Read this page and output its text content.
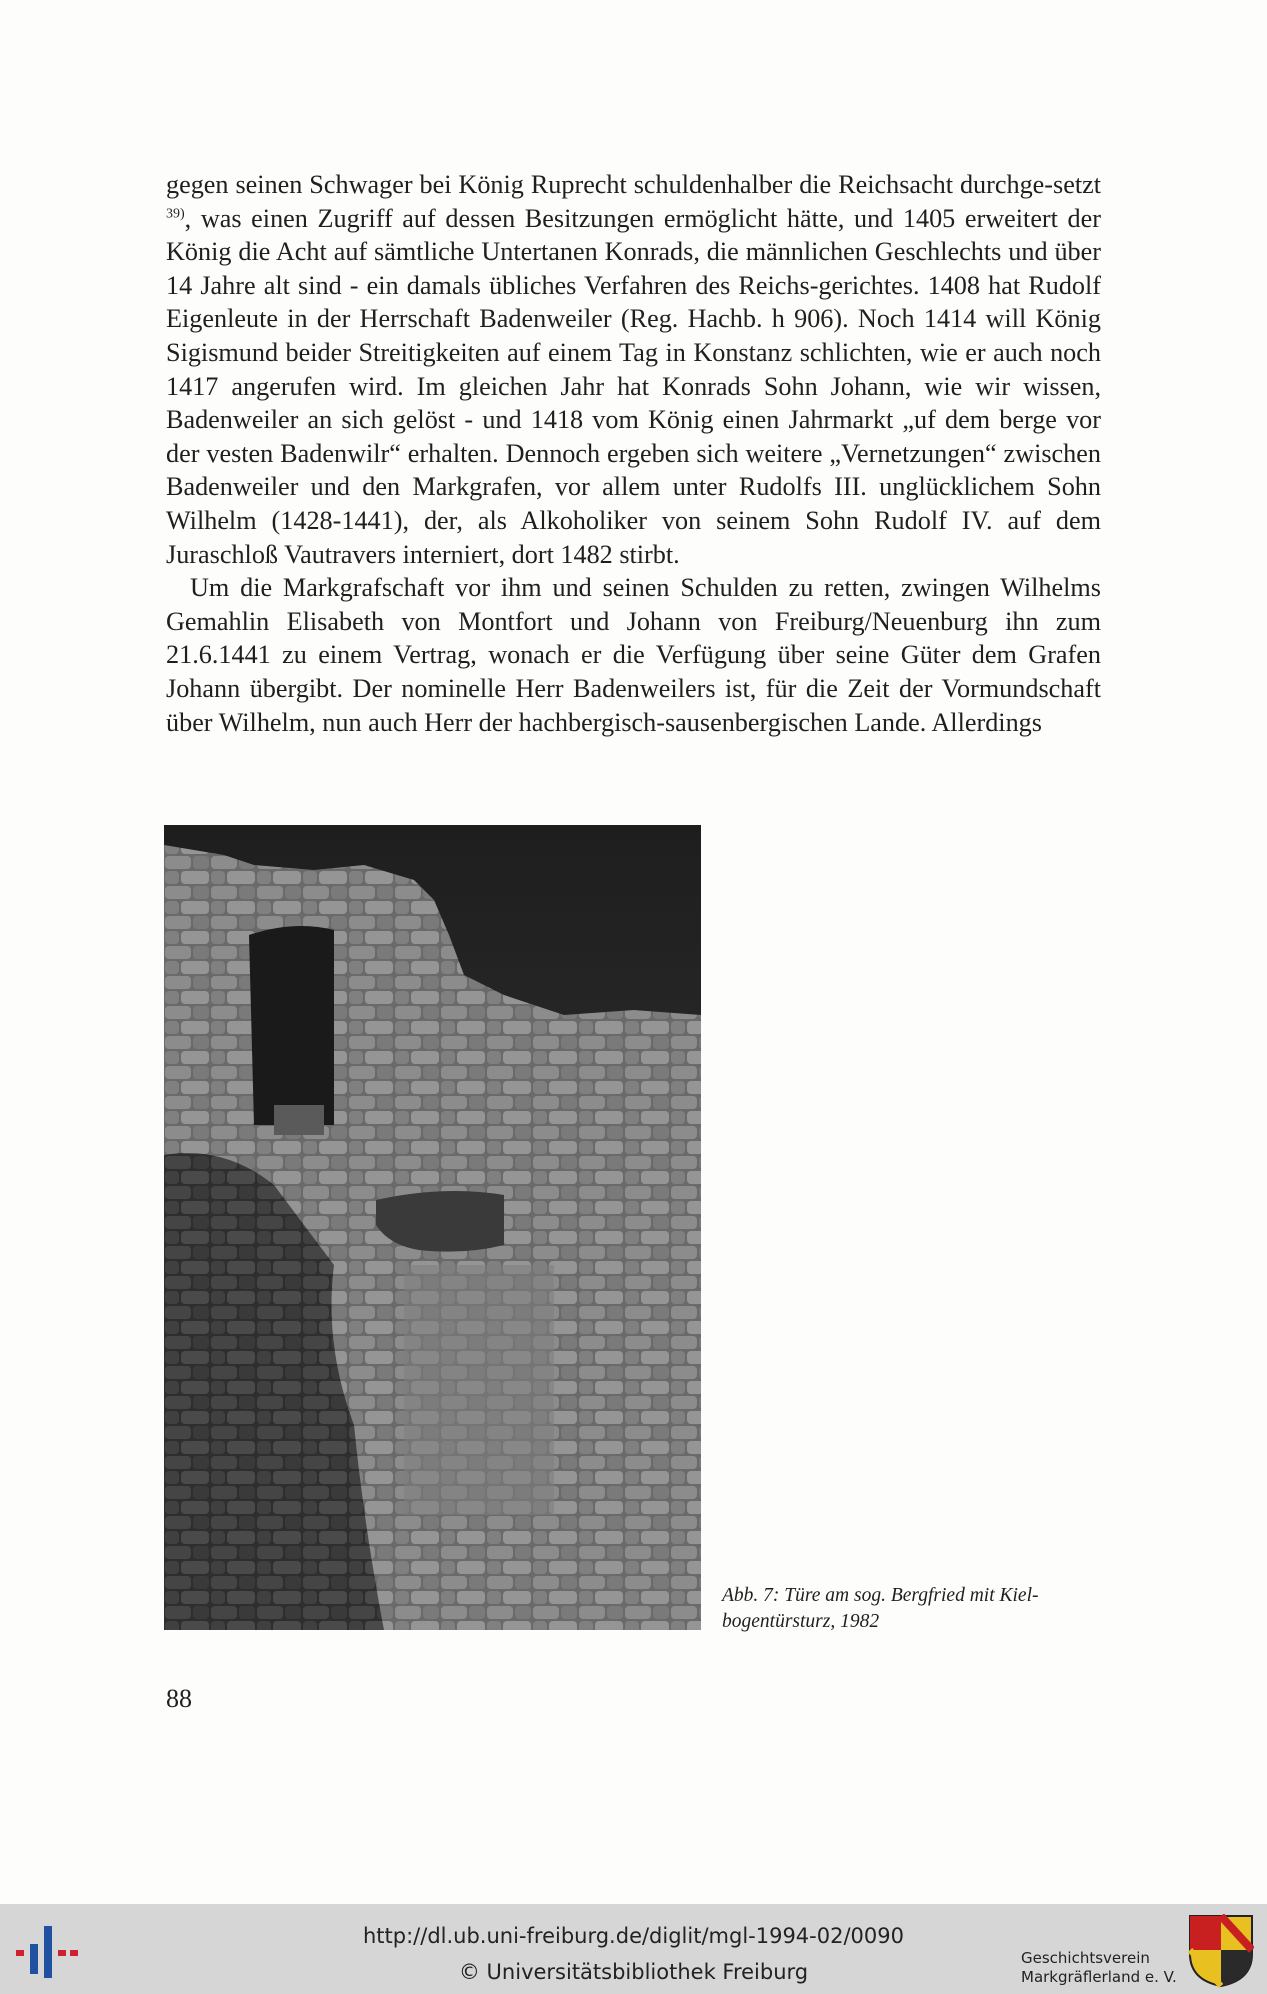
gegen seinen Schwager bei König Ruprecht schuldenhalber die Reichsacht durchge-setzt $^{39)}$, was einen Zugriff auf dessen Besitzungen ermöglicht hätte, und 1405 erweitert der König die Acht auf sämtliche Untertanen Konrads, die männlichen Geschlechts und über 14 Jahre alt sind - ein damals übliches Verfahren des Reichs-gerichtes. 1408 hat Rudolf Eigenleute in der Herrschaft Badenweiler (Reg. Hachb. h 906). Noch 1414 will König Sigismund beider Streitigkeiten auf einem Tag in Konstanz schlichten, wie er auch noch 1417 angerufen wird. Im gleichen Jahr hat Konrads Sohn Johann, wie wir wissen, Badenweiler an sich gelöst - und 1418 vom König einen Jahrmarkt „uf dem berge vor der vesten Badenwilr“ erhalten. Dennoch ergeben sich weitere „Vernetzungen“ zwischen Badenweiler und den Markgrafen, vor allem unter Rudolfs III. unglücklichem Sohn Wilhelm (1428-1441), der, als Alkoholiker von seinem Sohn Rudolf IV. auf dem Juraschloß Vautravers interniert, dort 1482 stirbt.

Um die Markgrafschaft vor ihm und seinen Schulden zu retten, zwingen Wilhelms Gemahlin Elisabeth von Montfort und Johann von Freiburg/Neuenburg ihn zum 21.6.1441 zu einem Vertrag, wonach er die Verfügung über seine Güter dem Grafen Johann übergibt. Der nominelle Herr Badenweilers ist, für die Zeit der Vormundschaft über Wilhelm, nun auch Herr der hachbergisch-sausenbergischen Lande. Allerdings

Abb. 7: Türe am sog. Bergfried mit Kiel-bogentürsturz, 1982
88
http://dl.ub.uni-freiburg.de/diglit/mgl-1994-02/0090
© Universitätsbibliothek Freiburg
Geschichtsverein
Markgräflerland e. V.
